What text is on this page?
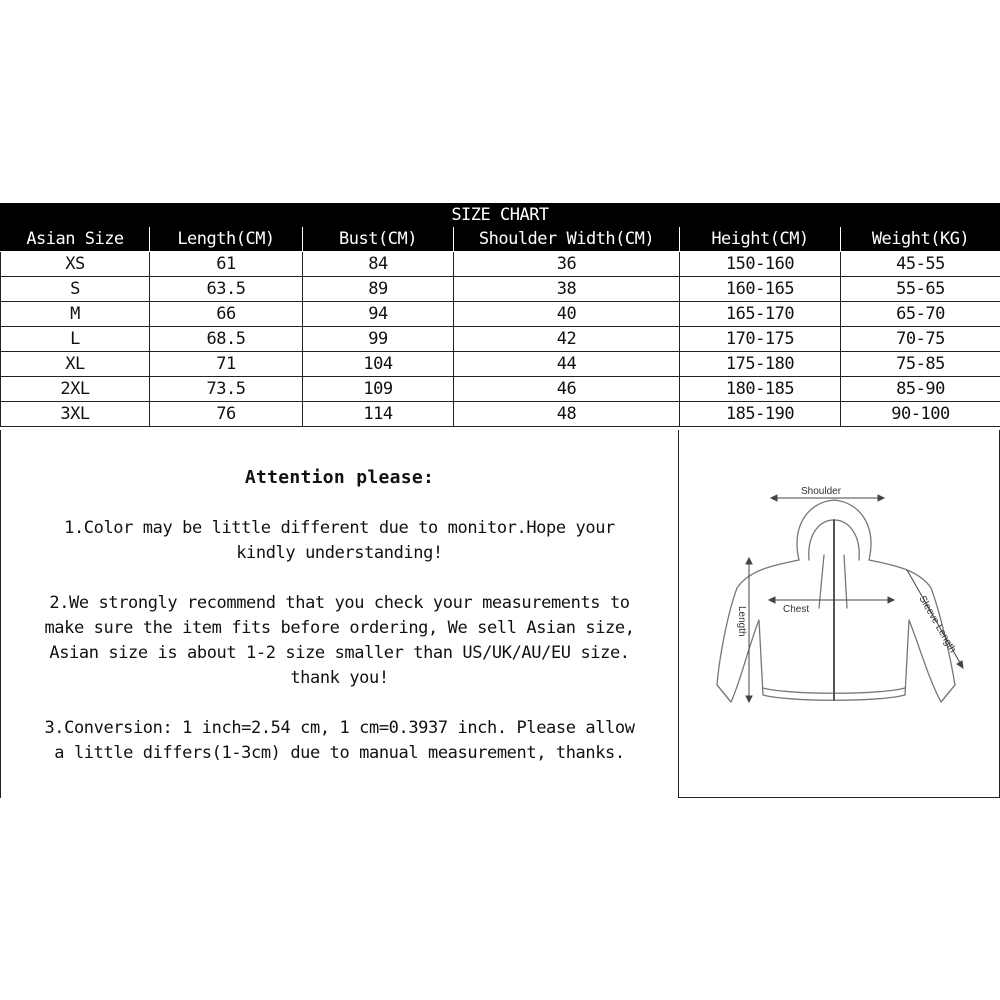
SIZE CHART
Asian Size	Length(CM)	Bust(CM)	Shoulder Width(CM)	Height(CM)	Weight(KG)
XS	61	84	36	150-160	45-55
S	63.5	89	38	160-165	55-65
M	66	94	40	165-170	65-70
L	68.5	99	42	170-175	70-75
XL	71	104	44	175-180	75-85
2XL	73.5	109	46	180-185	85-90
3XL	76	114	48	185-190	90-100
Attention please:
1.Color may be little different due to monitor.Hope your
kindly understanding!
2.We strongly recommend that you check your measurements to
make sure the item fits before ordering, We sell Asian size,
Asian size is about 1-2 size smaller than US/UK/AU/EU size.
thank you!
3.Conversion: 1 inch=2.54 cm, 1 cm=0.3937 inch. Please allow
a little differs(1-3cm) due to manual measurement, thanks.
Shoulder
Chest
Length	Sleeve Length
